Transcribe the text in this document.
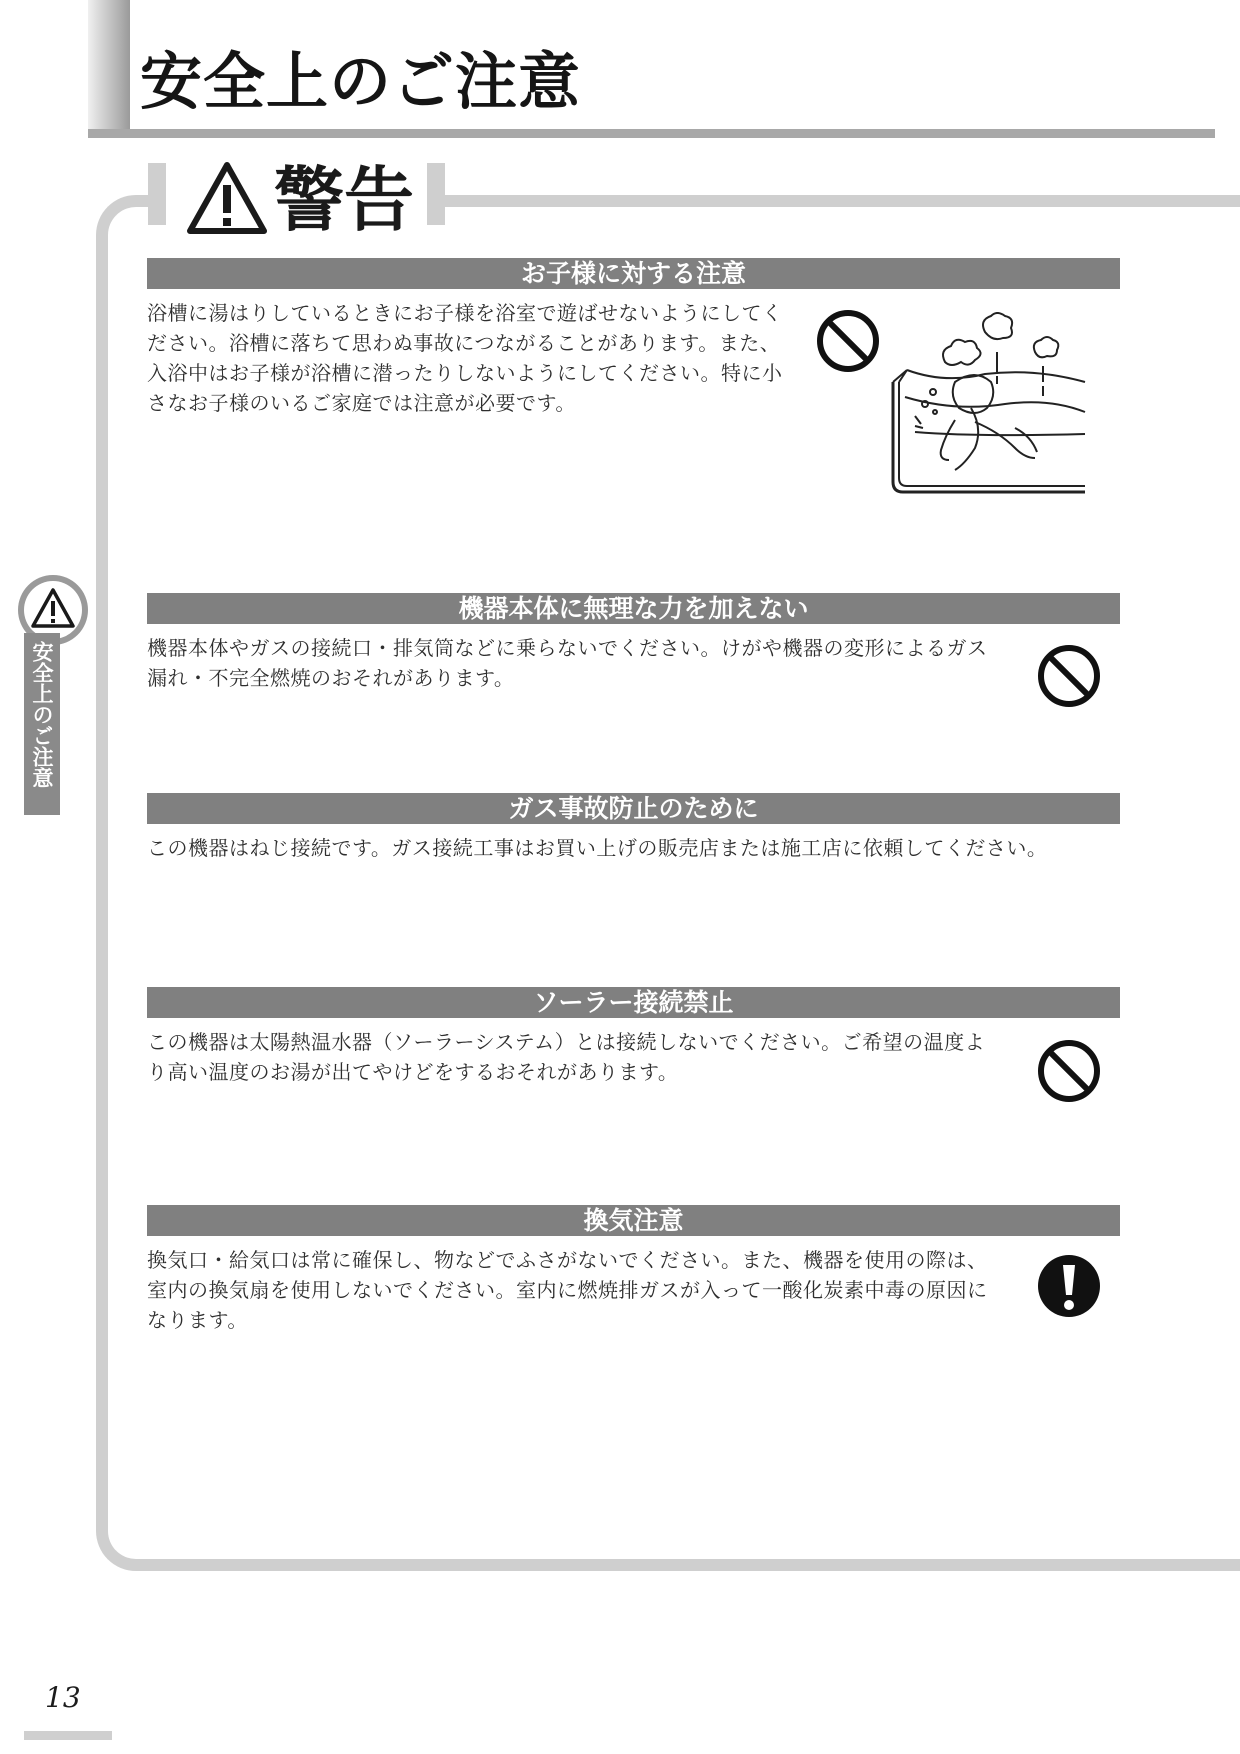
安全上のご注意
警告
安全上のご注意
お子様に対する注意
浴槽に湯はりしているときにお子様を浴室で遊ばせないようにしてく
ださい。浴槽に落ちて思わぬ事故につながることがあります。また、
入浴中はお子様が浴槽に潜ったりしないようにしてください。特に小
さなお子様のいるご家庭では注意が必要です。
機器本体に無理な力を加えない
機器本体やガスの接続口・排気筒などに乗らないでください。けがや機器の変形によるガス
漏れ・不完全燃焼のおそれがあります。
ガス事故防止のために
この機器はねじ接続です。ガス接続工事はお買い上げの販売店または施工店に依頼してください。
ソーラー接続禁止
この機器は太陽熱温水器（ソーラーシステム）とは接続しないでください。ご希望の温度よ
り高い温度のお湯が出てやけどをするおそれがあります。
換気注意
換気口・給気口は常に確保し、物などでふさがないでください。また、機器を使用の際は、
室内の換気扇を使用しないでください。室内に燃焼排ガスが入って一酸化炭素中毒の原因に
なります。
13
